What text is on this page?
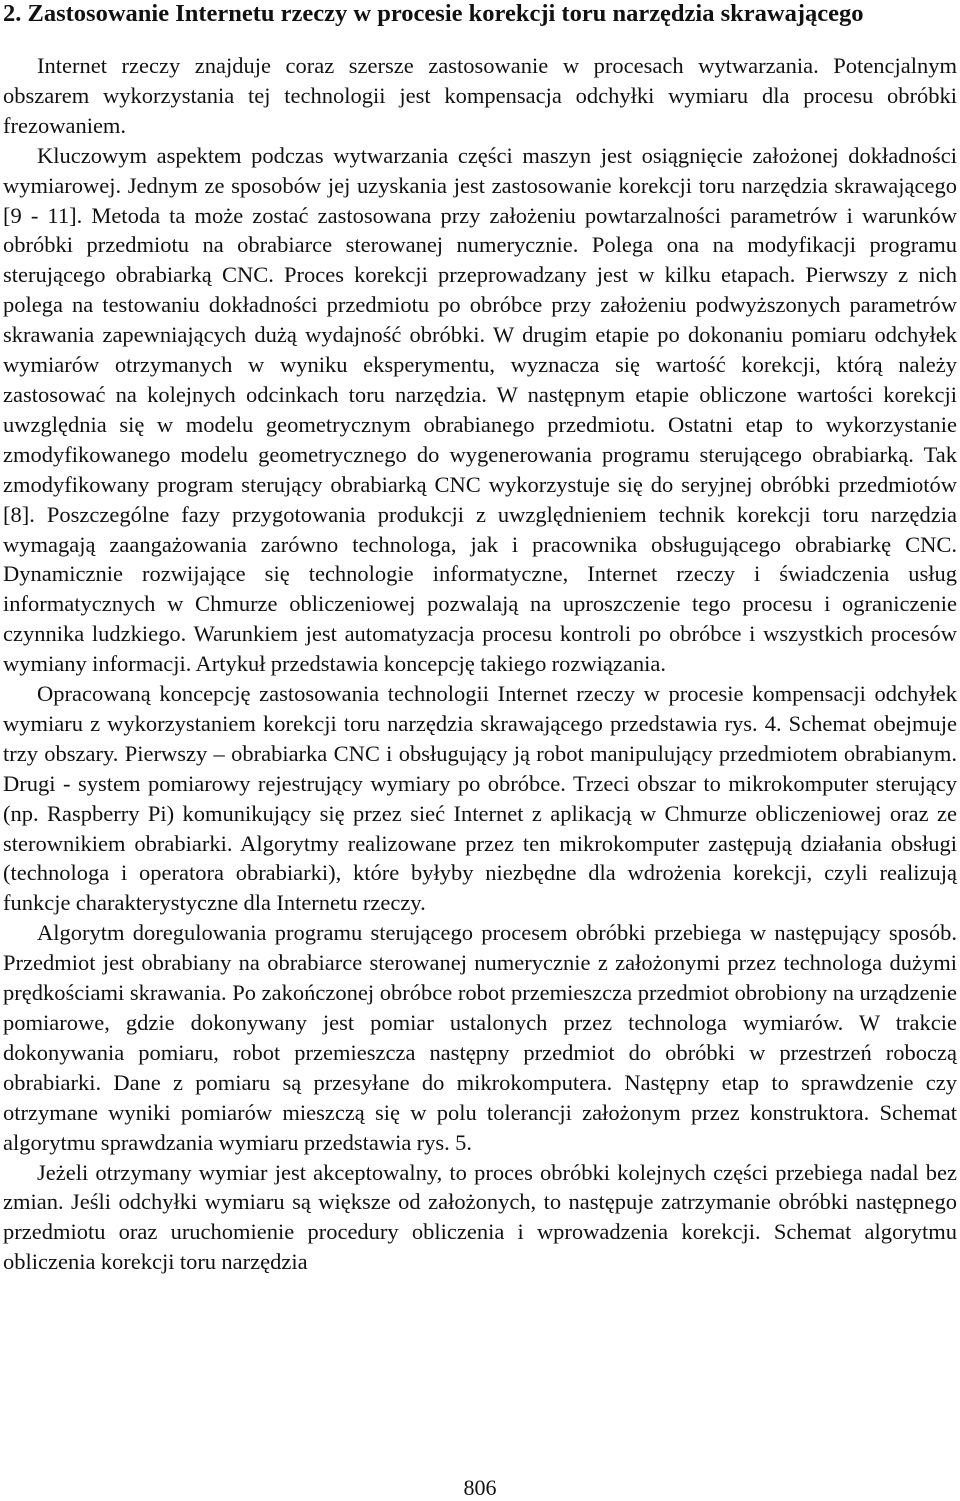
2. Zastosowanie Internetu rzeczy w procesie korekcji toru narzędzia skrawającego

Internet rzeczy znajduje coraz szersze zastosowanie w procesach wytwarzania. Potencjalnym obszarem wykorzystania tej technologii jest kompensacja odchyłki wymiaru dla procesu obróbki frezowaniem.

Kluczowym aspektem podczas wytwarzania części maszyn jest osiągnięcie założonej dokładności wymiarowej. Jednym ze sposobów jej uzyskania jest zastosowanie korekcji toru narzędzia skrawającego [9 - 11]. Metoda ta może zostać zastosowana przy założeniu powtarzalności parametrów i warunków obróbki przedmiotu na obrabiarce sterowanej numerycznie. Polega ona na modyfikacji programu sterującego obrabiarką CNC. Proces korekcji przeprowadzany jest w kilku etapach. Pierwszy z nich polega na testowaniu dokładności przedmiotu po obróbce przy założeniu podwyższonych parametrów skrawania zapewniających dużą wydajność obróbki. W drugim etapie po dokonaniu pomiaru odchyłek wymiarów otrzymanych w wyniku eksperymentu, wyznacza się wartość korekcji, którą należy zastosować na kolejnych odcinkach toru narzędzia. W następnym etapie obliczone wartości korekcji uwzględnia się w modelu geometrycznym obrabianego przedmiotu. Ostatni etap to wykorzystanie zmodyfikowanego modelu geometrycznego do wygenerowania programu sterującego obrabiarką. Tak zmodyfikowany program sterujący obrabiarką CNC wykorzystuje się do seryjnej obróbki przedmiotów [8]. Poszczególne fazy przygotowania produkcji z uwzględnieniem technik korekcji toru narzędzia wymagają zaangażowania zarówno technologa, jak i pracownika obsługującego obrabiarkę CNC. Dynamicznie rozwijające się technologie informatyczne, Internet rzeczy i świadczenia usług informatycznych w Chmurze obliczeniowej pozwalają na uproszczenie tego procesu i ograniczenie czynnika ludzkiego. Warunkiem jest automatyzacja procesu kontroli po obróbce i wszystkich procesów wymiany informacji. Artykuł przedstawia koncepcję takiego rozwiązania.

Opracowaną koncepcję zastosowania technologii Internet rzeczy w procesie kompensacji odchyłek wymiaru z wykorzystaniem korekcji toru narzędzia skrawającego przedstawia rys. 4. Schemat obejmuje trzy obszary. Pierwszy – obrabiarka CNC i obsługujący ją robot manipulujący przedmiotem obrabianym. Drugi - system pomiarowy rejestrujący wymiary po obróbce. Trzeci obszar to mikrokomputer sterujący (np. Raspberry Pi) komunikujący się przez sieć Internet z aplikacją w Chmurze obliczeniowej oraz ze sterownikiem obrabiarki. Algorytmy realizowane przez ten mikrokomputer zastępują działania obsługi (technologa i operatora obrabiarki), które byłyby niezbędne dla wdrożenia korekcji, czyli realizują funkcje charakterystyczne dla Internetu rzeczy.

Algorytm doregulowania programu sterującego procesem obróbki przebiega w następujący sposób. Przedmiot jest obrabiany na obrabiarce sterowanej numerycznie z założonymi przez technologa dużymi prędkościami skrawania. Po zakończonej obróbce robot przemieszcza przedmiot obrobiony na urządzenie pomiarowe, gdzie dokonywany jest pomiar ustalonych przez technologa wymiarów. W trakcie dokonywania pomiaru, robot przemieszcza następny przedmiot do obróbki w przestrzeń roboczą obrabiarki. Dane z pomiaru są przesyłane do mikrokomputera. Następny etap to sprawdzenie czy otrzymane wyniki pomiarów mieszczą się w polu tolerancji założonym przez konstruktora. Schemat algorytmu sprawdzania wymiaru przedstawia rys. 5.

Jeżeli otrzymany wymiar jest akceptowalny, to proces obróbki kolejnych części przebiega nadal bez zmian. Jeśli odchyłki wymiaru są większe od założonych, to następuje zatrzymanie obróbki następnego przedmiotu oraz uruchomienie procedury obliczenia i wprowadzenia korekcji. Schemat algorytmu obliczenia korekcji toru narzędzia

806
